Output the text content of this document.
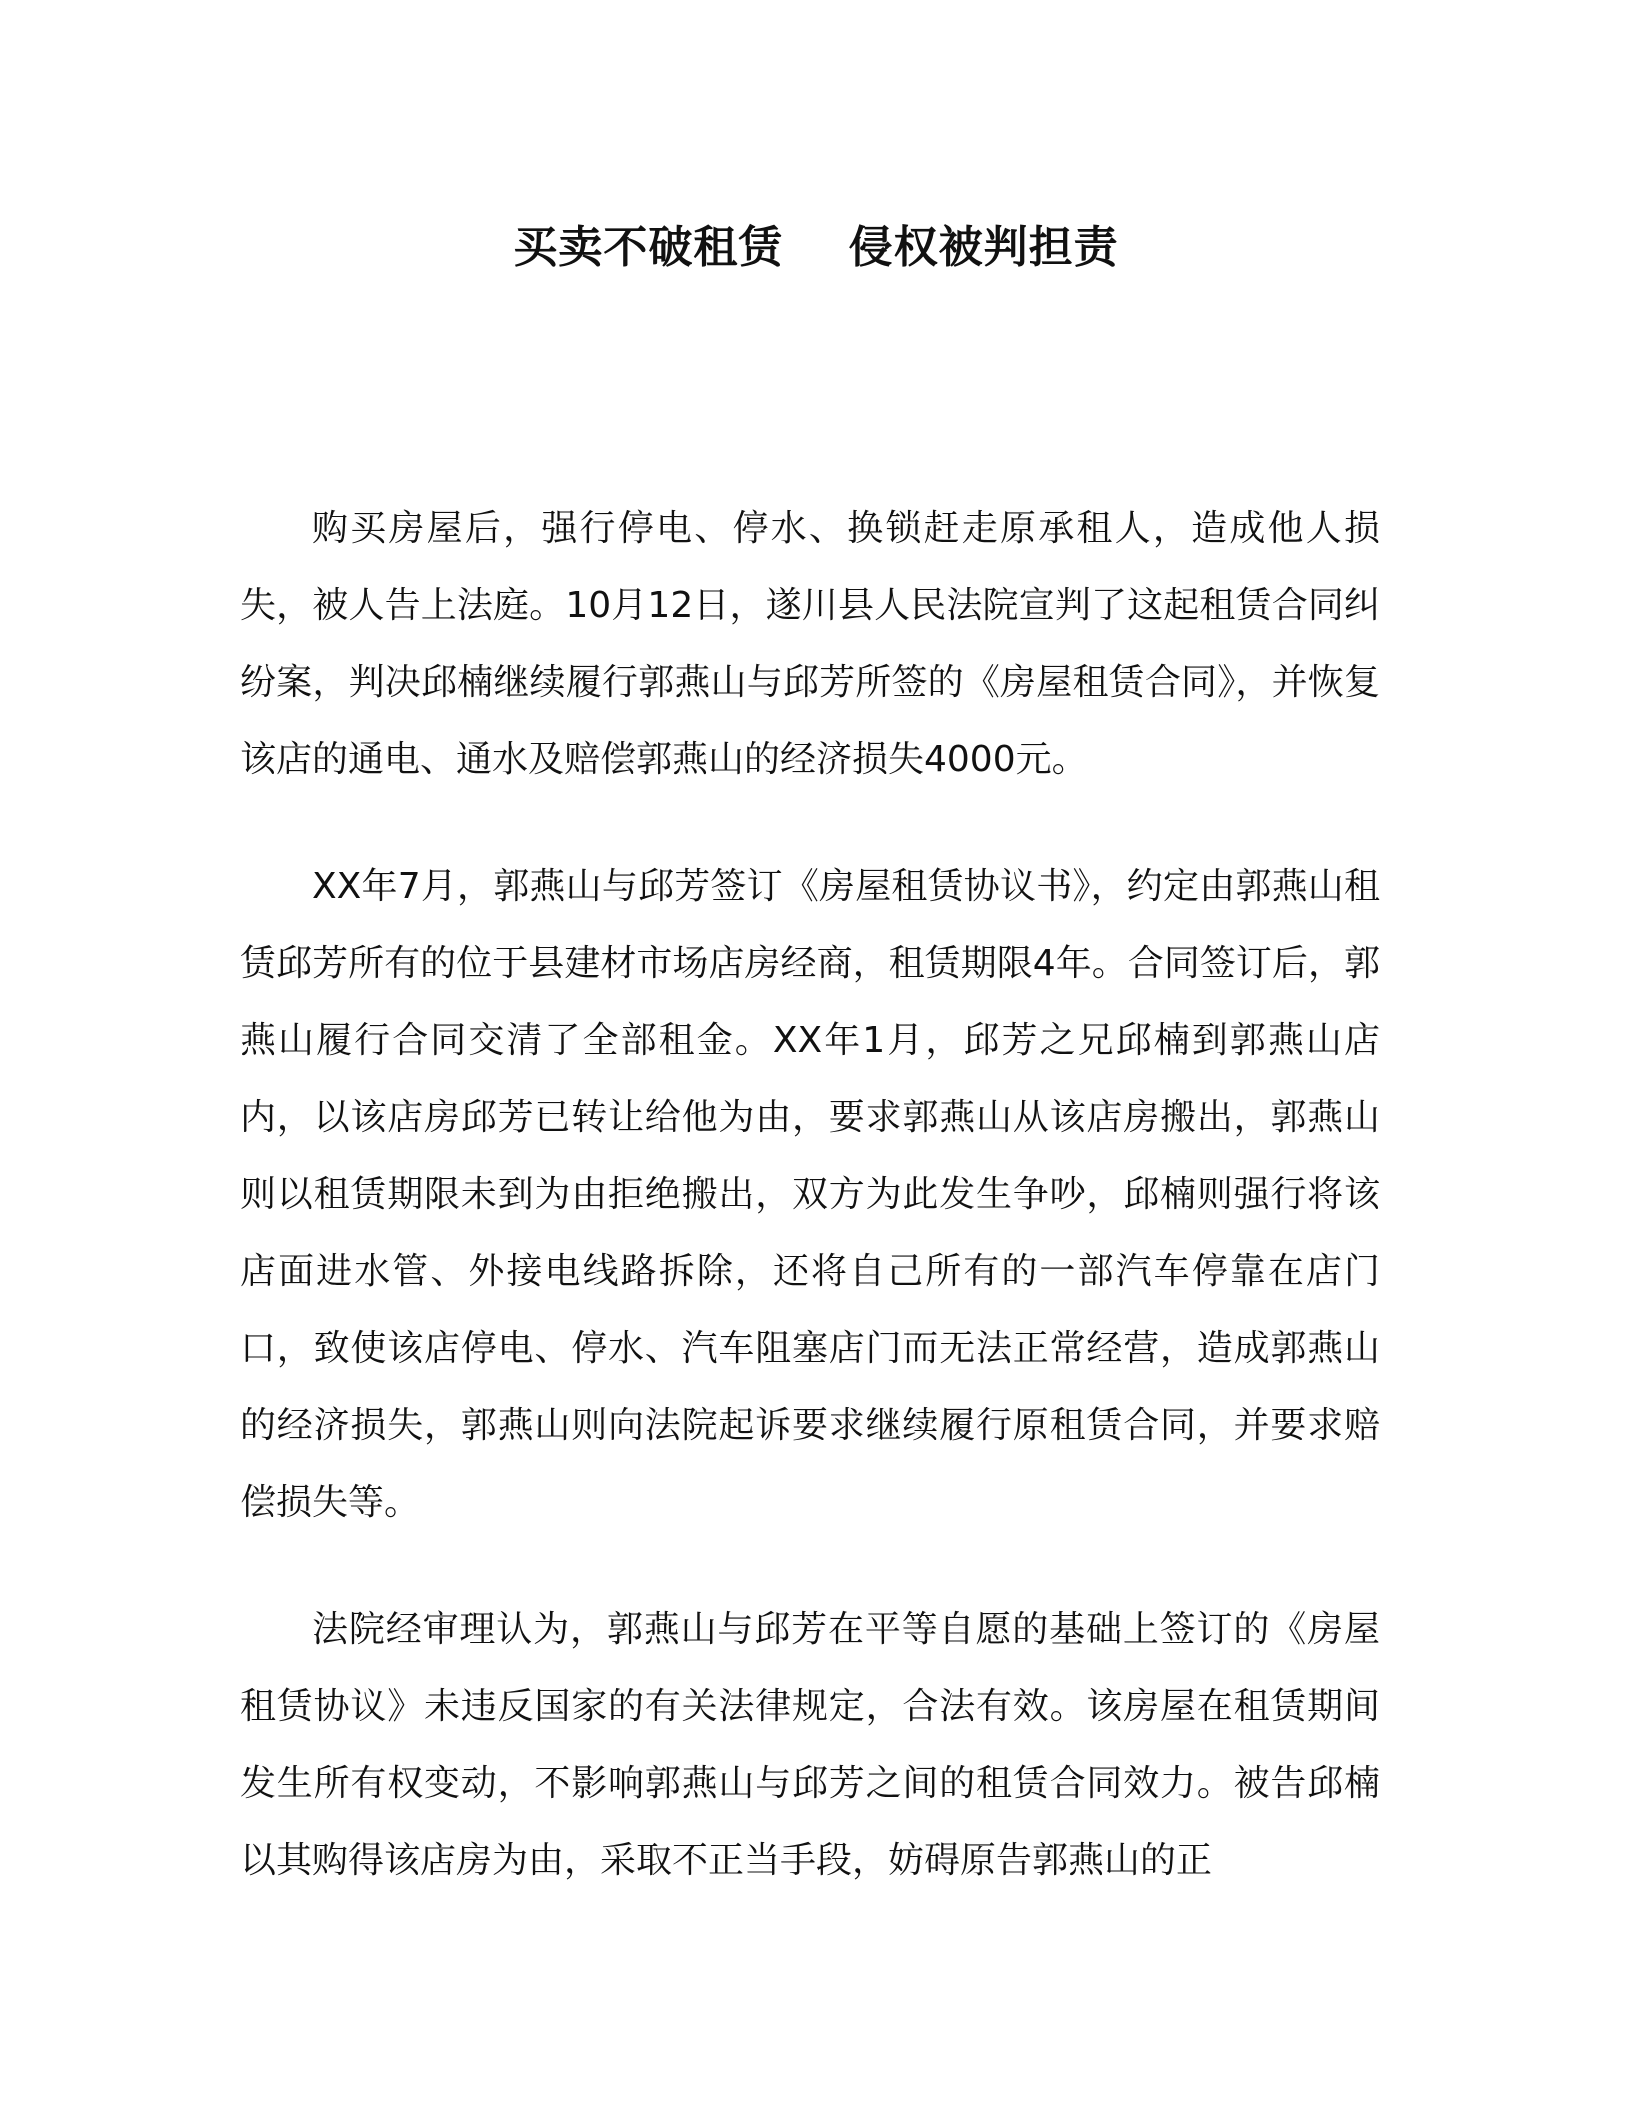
买卖不破租赁    侵权被判担责

购买房屋后，强行停电、停水、换锁赶走原承租人，造成他人损失，被人告上法庭。10月12日，遂川县人民法院宣判了这起租赁合同纠纷案，判决邱楠继续履行郭燕山与邱芳所签的《房屋租赁合同》，并恢复该店的通电、通水及赔偿郭燕山的经济损失4000元。

XX年7月，郭燕山与邱芳签订《房屋租赁协议书》，约定由郭燕山租赁邱芳所有的位于县建材市场店房经商，租赁期限4年。合同签订后，郭燕山履行合同交清了全部租金。XX年1月，邱芳之兄邱楠到郭燕山店内，以该店房邱芳已转让给他为由，要求郭燕山从该店房搬出，郭燕山则以租赁期限未到为由拒绝搬出，双方为此发生争吵，邱楠则强行将该店面进水管、外接电线路拆除，还将自己所有的一部汽车停靠在店门口，致使该店停电、停水、汽车阻塞店门而无法正常经营，造成郭燕山的经济损失，郭燕山则向法院起诉要求继续履行原租赁合同，并要求赔偿损失等。

法院经审理认为，郭燕山与邱芳在平等自愿的基础上签订的《房屋租赁协议》未违反国家的有关法律规定，合法有效。该房屋在租赁期间发生所有权变动，不影响郭燕山与邱芳之间的租赁合同效力。被告邱楠以其购得该店房为由，采取不正当手段，妨碍原告郭燕山的正
